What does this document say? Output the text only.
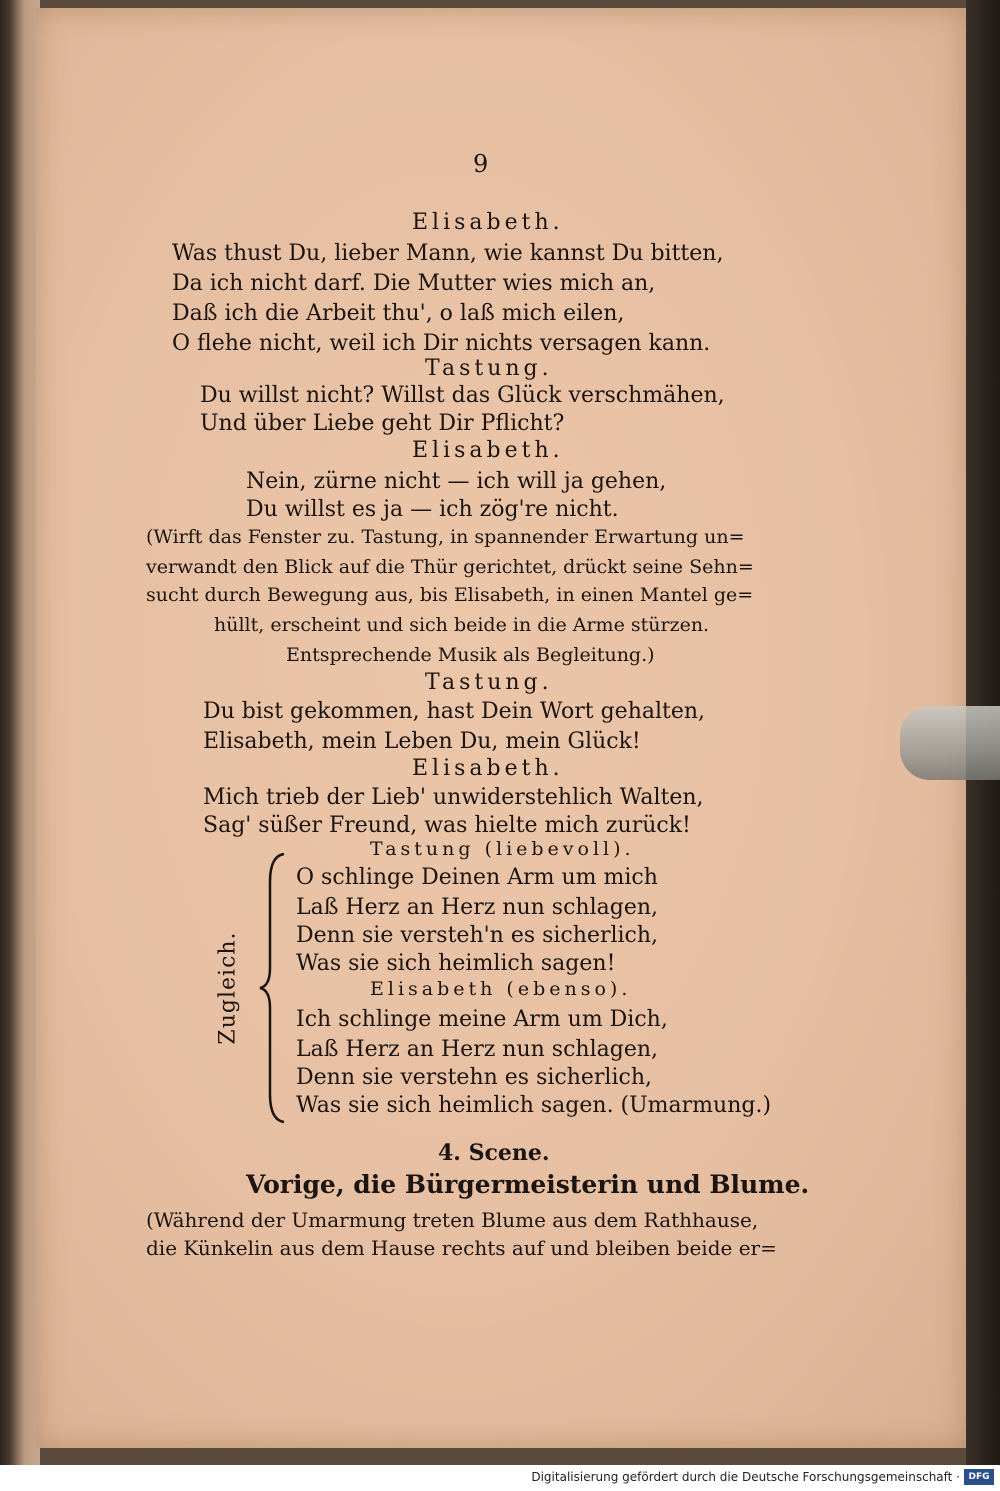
9
Elisabeth.
Was thust Du, lieber Mann, wie kannst Du bitten,
Da ich nicht darf. Die Mutter wies mich an,
Daß ich die Arbeit thu', o laß mich eilen,
O flehe nicht, weil ich Dir nichts versagen kann.
Tastung.
Du willst nicht? Willst das Glück verschmähen,
Und über Liebe geht Dir Pflicht?
Elisabeth.
Nein, zürne nicht — ich will ja gehen,
Du willst es ja — ich zög're nicht.
(Wirft das Fenster zu. Tastung, in spannender Erwartung un=
verwandt den Blick auf die Thür gerichtet, drückt seine Sehn=
sucht durch Bewegung aus, bis Elisabeth, in einen Mantel ge=
hüllt, erscheint und sich beide in die Arme stürzen.
Entsprechende Musik als Begleitung.)
Tastung.
Du bist gekommen, hast Dein Wort gehalten,
Elisabeth, mein Leben Du, mein Glück!
Elisabeth.
Mich trieb der Lieb' unwiderstehlich Walten,
Sag' süßer Freund, was hielte mich zurück!
Tastung (liebevoll).
O schlinge Deinen Arm um mich
Laß Herz an Herz nun schlagen,
Denn sie versteh'n es sicherlich,
Was sie sich heimlich sagen!
Elisabeth (ebenso).
Ich schlinge meine Arm um Dich,
Laß Herz an Herz nun schlagen,
Denn sie verstehn es sicherlich,
Was sie sich heimlich sagen. (Umarmung.)
Zugleich.
4. Scene.
Vorige, die Bürgermeisterin und Blume.
(Während der Umarmung treten Blume aus dem Rathhause,
die Künkelin aus dem Hause rechts auf und bleiben beide er=
Digitalisierung gefördert durch die Deutsche Forschungsgemeinschaft · DFG
